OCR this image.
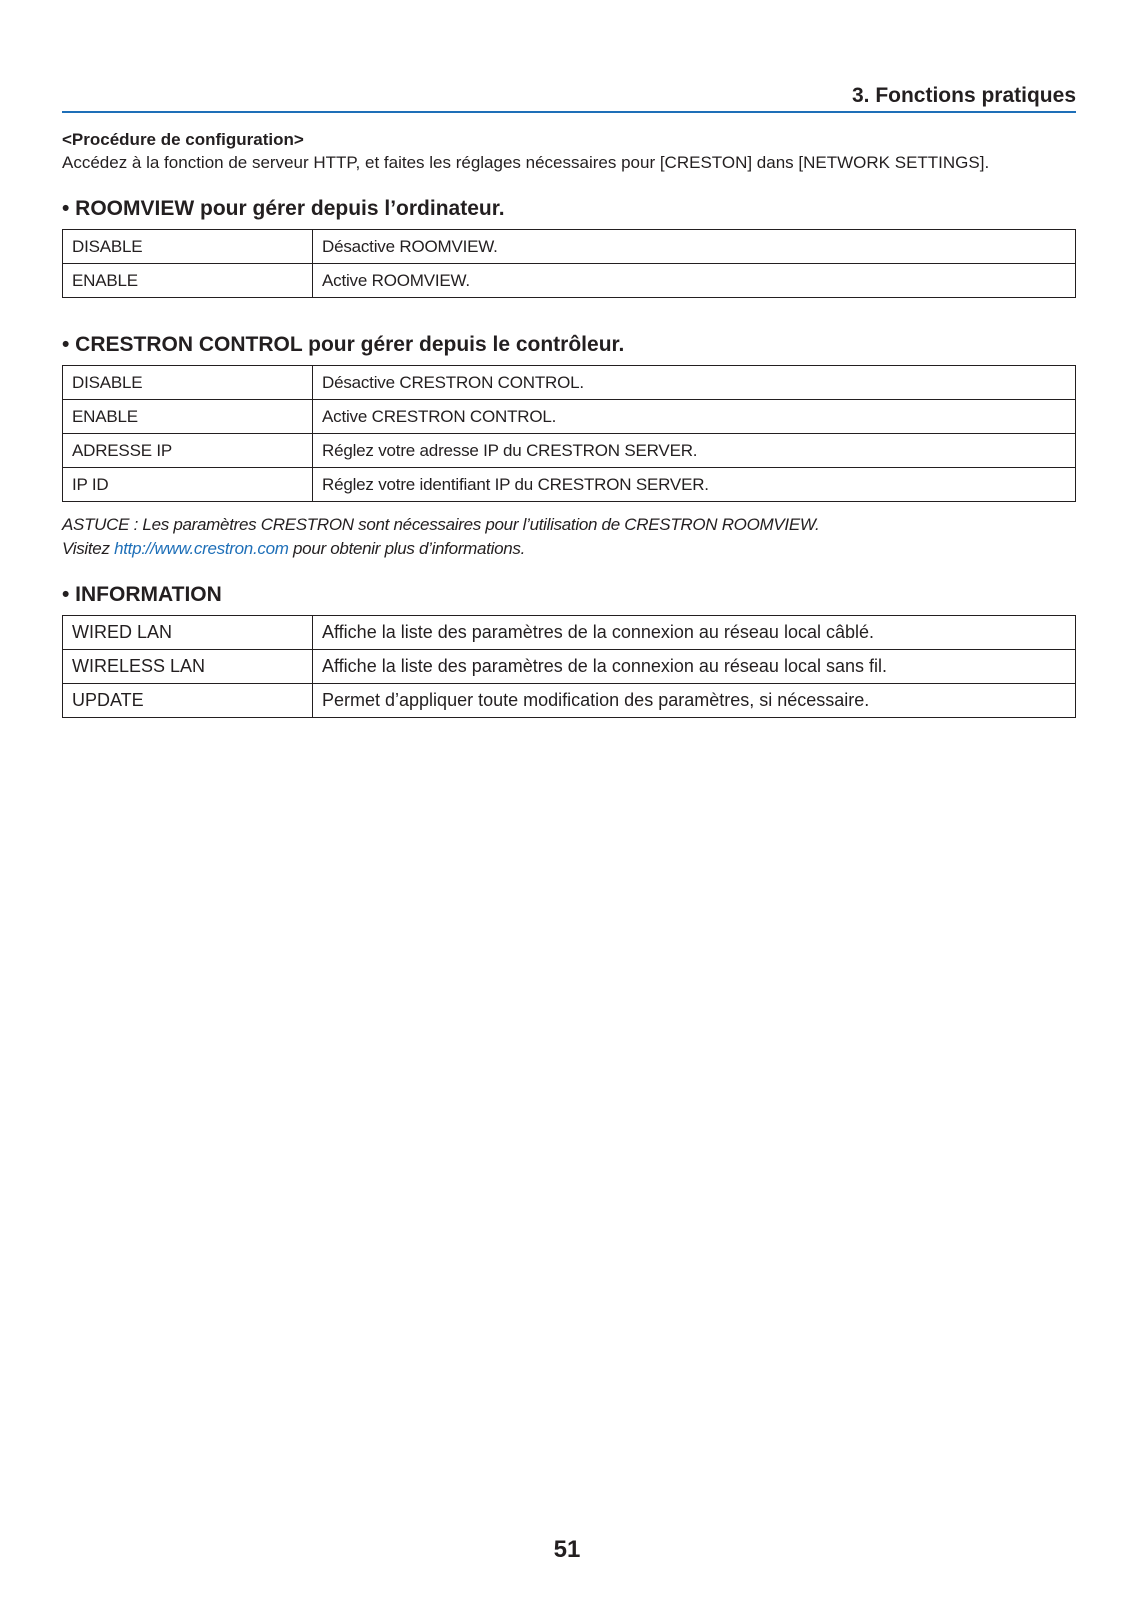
3. Fonctions pratiques
<Procédure de configuration>
Accédez à la fonction de serveur HTTP, et faites les réglages nécessaires pour [CRESTON] dans [NETWORK SETTINGS].
• ROOMVIEW pour gérer depuis l’ordinateur.
DISABLE	Désactive ROOMVIEW.
ENABLE	Active ROOMVIEW.
• CRESTRON CONTROL pour gérer depuis le contrôleur.
DISABLE	Désactive CRESTRON CONTROL.
ENABLE	Active CRESTRON CONTROL.
ADRESSE IP	Réglez votre adresse IP du CRESTRON SERVER.
IP ID	Réglez votre identifiant IP du CRESTRON SERVER.
ASTUCE : Les paramètres CRESTRON sont nécessaires pour l’utilisation de CRESTRON ROOMVIEW.
Visitez http://www.crestron.com pour obtenir plus d’informations.
• INFORMATION
WIRED LAN	Affiche la liste des paramètres de la connexion au réseau local câblé.
WIRELESS LAN	Affiche la liste des paramètres de la connexion au réseau local sans fil.
UPDATE	Permet d’appliquer toute modification des paramètres, si nécessaire.
51
